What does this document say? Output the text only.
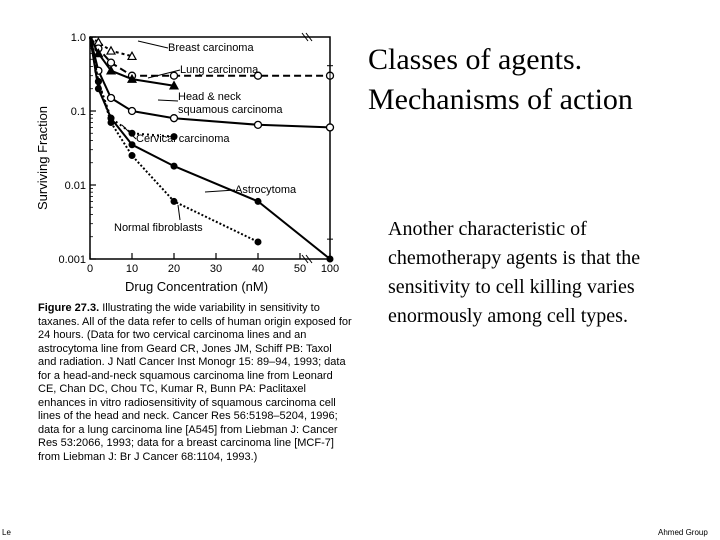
1.0
0.1
0.01
0.001
0	10	20	30	40	50 100
Surviving Fraction
Drug Concentration (nM)
Breast carcinoma
Lung carcinoma
Head & neck
squamous carcinoma
Cervical carcinoma
Astrocytoma
Normal fibroblasts
Figure 27.3. Illustrating the wide variability in sensitivity to taxanes. All of the data refer to cells of human origin exposed for 24 hours. (Data for two cervical carcinoma lines and an astrocytoma line from Geard CR, Jones JM, Schiff PB: Taxol and radiation. J Natl Cancer Inst Monogr 15: 89–94, 1993; data for a head-and-neck squamous carcinoma line from Leonard CE, Chan DC, Chou TC, Kumar R, Bunn PA: Paclitaxel enhances in vitro radiosensitivity of squamous carcinoma cell lines of the head and neck. Cancer Res 56:5198–5204, 1996; data for a lung carcinoma line [A545] from Liebman J: Cancer Res 53:2066, 1993; data for a breast carcinoma line [MCF-7] from Liebman J: Br J Cancer 68:1104, 1993.)
Classes of agents.
Mechanisms of action
Another characteristic of chemotherapy agents is that the sensitivity to cell killing varies enormously among cell types.
Le	Ahmed Group
